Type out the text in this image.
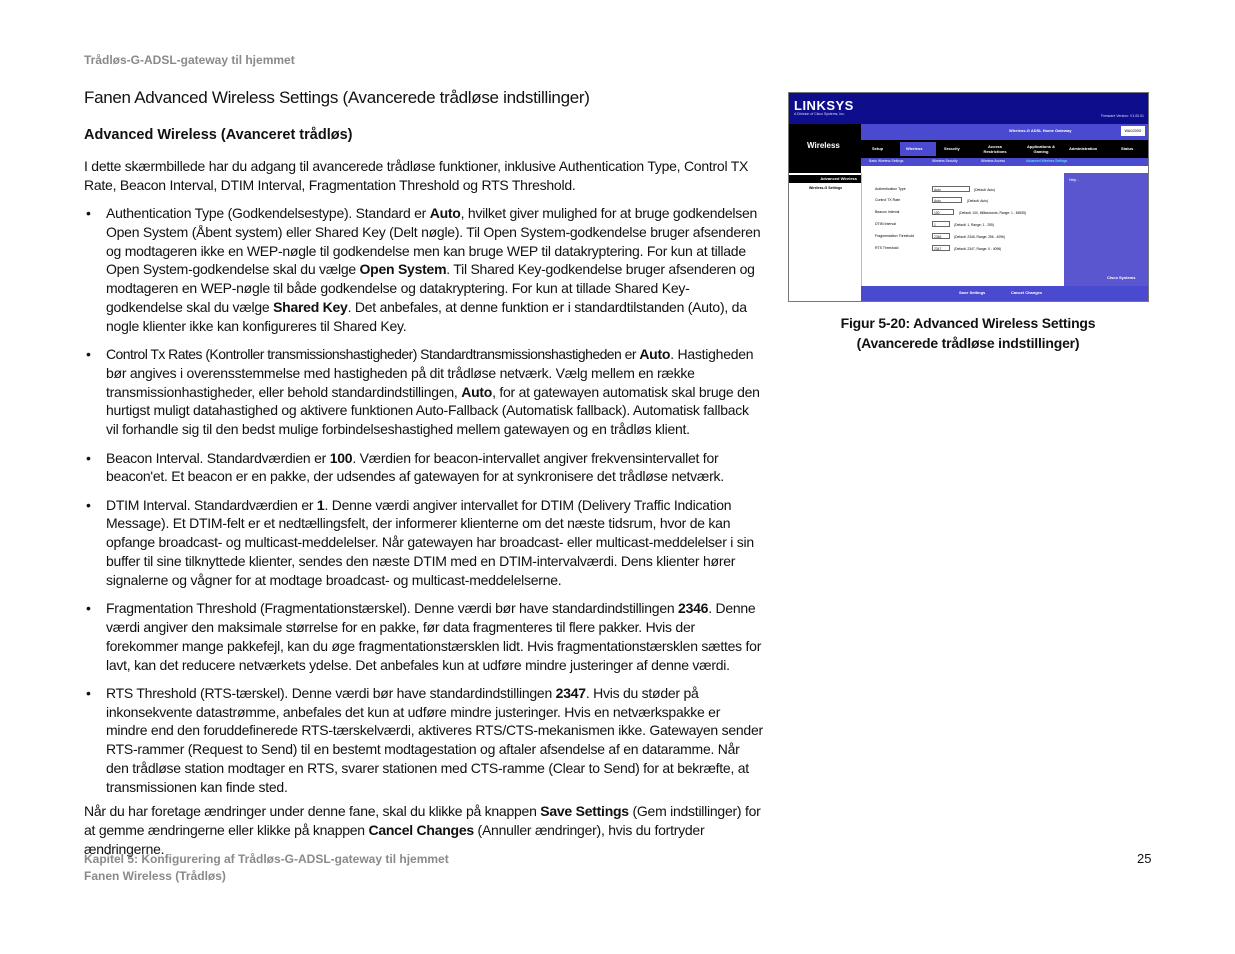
Trådløs-G-ADSL-gateway til hjemmet
Fanen Advanced Wireless Settings (Avancerede trådløse indstillinger)
Advanced Wireless (Avanceret trådløs)
I dette skærmbillede har du adgang til avancerede trådløse funktioner, inklusive Authentication Type, Control TX Rate, Beacon Interval, DTIM Interval, Fragmentation Threshold og RTS Threshold.
• Authentication Type (Godkendelsestype). Standard er Auto, hvilket giver mulighed for at bruge godkendelsen Open System (Åbent system) eller Shared Key (Delt nøgle). Til Open System-godkendelse bruger afsenderen og modtageren ikke en WEP-nøgle til godkendelse men kan bruge WEP til datakryptering. For kun at tillade Open System-godkendelse skal du vælge Open System. Til Shared Key-godkendelse bruger afsenderen og modtageren en WEP-nøgle til både godkendelse og datakryptering. For kun at tillade Shared Key-godkendelse skal du vælge Shared Key. Det anbefales, at denne funktion er i standardtilstanden (Auto), da nogle klienter ikke kan konfigureres til Shared Key.
• Control Tx Rates (Kontroller transmissionshastigheder) Standardtransmissionshastigheden er Auto. Hastigheden bør angives i overensstemmelse med hastigheden på dit trådløse netværk. Vælg mellem en række transmissionhastigheder, eller behold standardindstillingen, Auto, for at gatewayen automatisk skal bruge den hurtigst muligt datahastighed og aktivere funktionen Auto-Fallback (Automatisk fallback). Automatisk fallback vil forhandle sig til den bedst mulige forbindelseshastighed mellem gatewayen og en trådløs klient.
• Beacon Interval. Standardværdien er 100. Værdien for beacon-intervallet angiver frekvensintervallet for beacon'et. Et beacon er en pakke, der udsendes af gatewayen for at synkronisere det trådløse netværk.
• DTIM Interval. Standardværdien er 1. Denne værdi angiver intervallet for DTIM (Delivery Traffic Indication Message). Et DTIM-felt er et nedtællingsfelt, der informerer klienterne om det næste tidsrum, hvor de kan opfange broadcast- og multicast-meddelelser. Når gatewayen har broadcast- eller multicast-meddelelser i sin buffer til sine tilknyttede klienter, sendes den næste DTIM med en DTIM-intervalværdi. Dens klienter hører signalerne og vågner for at modtage broadcast- og multicast-meddelelserne.
• Fragmentation Threshold (Fragmentationstærskel). Denne værdi bør have standardindstillingen 2346. Denne værdi angiver den maksimale størrelse for en pakke, før data fragmenteres til flere pakker. Hvis der forekommer mange pakkefejl, kan du øge fragmentationstærsklen lidt. Hvis fragmentationstærsklen sættes for lavt, kan det reducere netværkets ydelse. Det anbefales kun at udføre mindre justeringer af denne værdi.
• RTS Threshold (RTS-tærskel). Denne værdi bør have standardindstillingen 2347. Hvis du støder på inkonsekvente datastrømme, anbefales det kun at udføre mindre justeringer. Hvis en netværkspakke er mindre end den foruddefinerede RTS-tærskelværdi, aktiveres RTS/CTS-mekanismen ikke. Gatewayen sender RTS-rammer (Request to Send) til en bestemt modtagestation og aftaler afsendelse af en dataramme. Når den trådløse station modtager en RTS, svarer stationen med CTS-ramme (Clear to Send) for at bekræfte, at transmissionen kan finde sted.
Når du har foretage ændringer under denne fane, skal du klikke på knappen Save Settings (Gem indstillinger) for at gemme ændringerne eller klikke på knappen Cancel Changes (Annuller ændringer), hvis du fortryder ændringerne.
Kapitel 5: Konfigurering af Trådløs-G-ADSL-gateway til hjemmet
Fanen Wireless (Trådløs)
25
LINKSYS
A Division of Cisco Systems, Inc.	Firmware Version: V1.00.01
Wireless
Wireless-G ADSL Home Gateway	WAG200G
Setup	Wireless	Security	Access Restrictions
Applications & Gaming
Administration	Status
Basic Wireless Settings	Wireless Security	Wireless Access	Advanced Wireless Settings
Advanced Wireless
Wireless-G Settings
Help...
Authentication Type	Auto	(Default: Auto)
Control TX Rate	Auto	(Default: Auto)
Beacon Interval	100	(Default: 100, Milliseconds, Range: 1 - 65535)
DTIM Interval	1	(Default: 1, Range: 1 - 255)
Fragmentation Threshold	2346	(Default: 2346, Range: 256 - 4096)
RTS Threshold	2347	(Default: 2347, Range: 0 - 4096)
Save Settings	Cancel Changes
Cisco Systems
Figur 5-20: Advanced Wireless Settings
(Avancerede trådløse indstillinger)
